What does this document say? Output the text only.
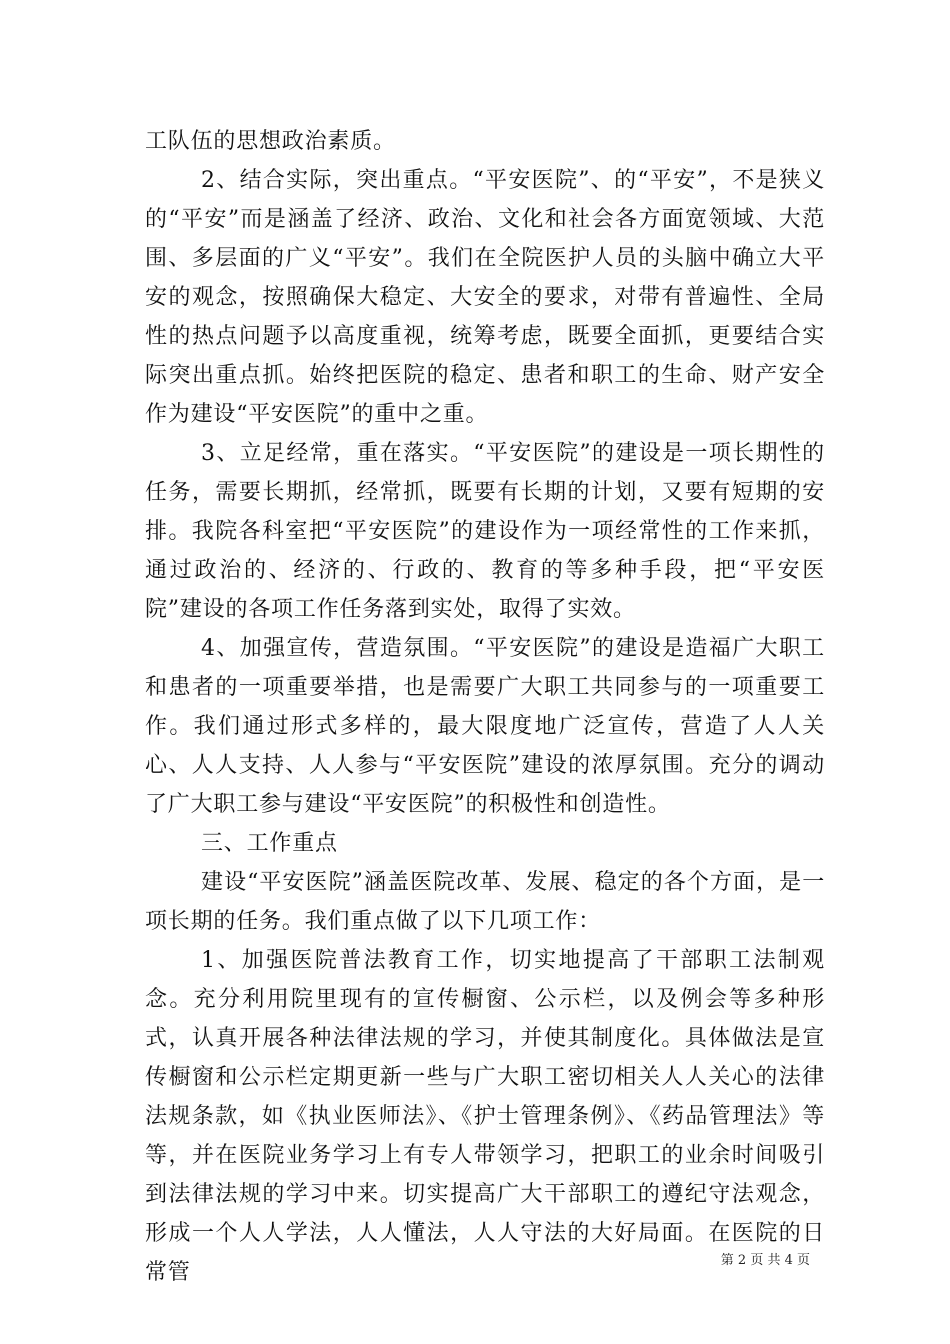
工队伍的思想政治素质。

2、结合实际，突出重点。“平安医院”、的“平安”，不是狭义的“平安”而是涵盖了经济、政治、文化和社会各方面宽领域、大范围、多层面的广义“平安”。我们在全院医护人员的头脑中确立大平安的观念，按照确保大稳定、大安全的要求，对带有普遍性、全局性的热点问题予以高度重视，统筹考虑，既要全面抓，更要结合实际突出重点抓。始终把医院的稳定、患者和职工的生命、财产安全作为建设“平安医院”的重中之重。

3、立足经常，重在落实。“平安医院”的建设是一项长期性的任务，需要长期抓，经常抓，既要有长期的计划，又要有短期的安排。我院各科室把“平安医院”的建设作为一项经常性的工作来抓，通过政治的、经济的、行政的、教育的等多种手段，把“平安医院”建设的各项工作任务落到实处，取得了实效。

4、加强宣传，营造氛围。“平安医院”的建设是造福广大职工和患者的一项重要举措，也是需要广大职工共同参与的一项重要工作。我们通过形式多样的，最大限度地广泛宣传，营造了人人关心、人人支持、人人参与“平安医院”建设的浓厚氛围。充分的调动了广大职工参与建设“平安医院”的积极性和创造性。

三、工作重点

建设“平安医院”涵盖医院改革、发展、稳定的各个方面，是一项长期的任务。我们重点做了以下几项工作：

1、加强医院普法教育工作，切实地提高了干部职工法制观念。充分利用院里现有的宣传橱窗、公示栏，以及例会等多种形式，认真开展各种法律法规的学习，并使其制度化。具体做法是宣传橱窗和公示栏定期更新一些与广大职工密切相关人人关心的法律法规条款，如《执业医师法》、《护士管理条例》、《药品管理法》等等，并在医院业务学习上有专人带领学习，把职工的业余时间吸引到法律法规的学习中来。切实提高广大干部职工的遵纪守法观念，形成一个人人学法，人人懂法，人人守法的大好局面。在医院的日常管	第 2 页 共 4 页
